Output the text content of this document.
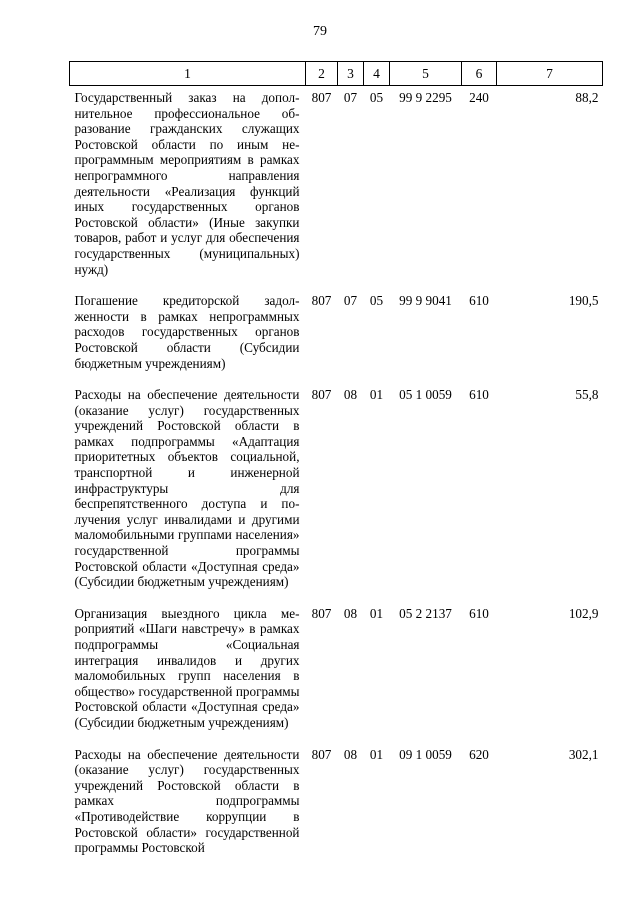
79
1	2	3	4	5	6	7
Государственный заказ на дополнительное профессиональное образование гражданских служащих Ростовской области по иным непрограммным мероприятиям в рамках непрограммного направления деятельности «Реализация функций иных государственных органов Ростовской области» (Иные закупки товаров, работ и услуг для обеспечения государственных (муниципальных) нужд)	807	07	05	99 9 2295	240	88,2
Погашение кредиторской задолженности в рамках непрограммных расходов государственных органов Ростовской области (Субсидии бюджетным учреждениям)	807	07	05	99 9 9041	610	190,5
Расходы на обеспечение деятельности (оказание услуг) государственных учреждений Ростовской области в рамках подпрограммы «Адаптация приоритетных объектов социальной, транспортной и инженерной инфраструктуры для беспрепятственного доступа и получения услуг инвалидами и другими маломобильными группами населения» государственной программы Ростовской области «Доступная среда» (Субсидии бюджетным учреждениям)	807	08	01	05 1 0059	610	55,8
Организация выездного цикла мероприятий «Шаги навстречу» в рамках подпрограммы «Социальная интеграция инвалидов и других маломобильных групп населения в общество» государственной программы Ростовской области «Доступная среда» (Субсидии бюджетным учреждениям)	807	08	01	05 2 2137	610	102,9
Расходы на обеспечение деятельности (оказание услуг) государственных учреждений Ростовской области в рамках подпрограммы «Противодействие коррупции в Ростовской области» государственной программы Ростовской	807	08	01	09 1 0059	620	302,1
